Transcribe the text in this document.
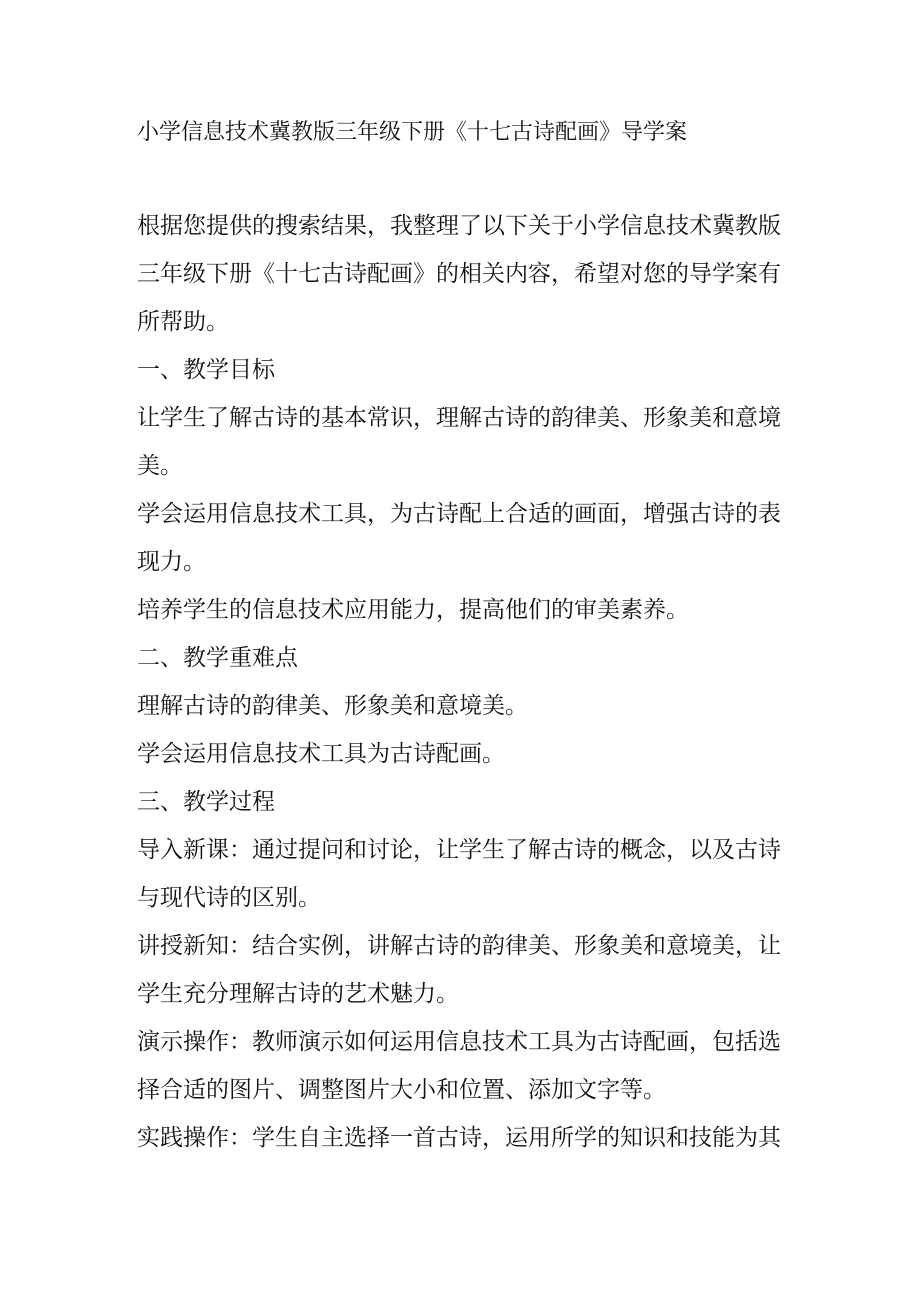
小学信息技术冀教版三年级下册《十七古诗配画》导学案

根据您提供的搜索结果，我整理了以下关于小学信息技术冀教版三年级下册《十七古诗配画》的相关内容，希望对您的导学案有所帮助。

一、教学目标

让学生了解古诗的基本常识，理解古诗的韵律美、形象美和意境美。

学会运用信息技术工具，为古诗配上合适的画面，增强古诗的表现力。

培养学生的信息技术应用能力，提高他们的审美素养。

二、教学重难点

理解古诗的韵律美、形象美和意境美。

学会运用信息技术工具为古诗配画。

三、教学过程

导入新课：通过提问和讨论，让学生了解古诗的概念，以及古诗与现代诗的区别。

讲授新知：结合实例，讲解古诗的韵律美、形象美和意境美，让学生充分理解古诗的艺术魅力。

演示操作：教师演示如何运用信息技术工具为古诗配画，包括选择合适的图片、调整图片大小和位置、添加文字等。

实践操作：学生自主选择一首古诗，运用所学的知识和技能为其
